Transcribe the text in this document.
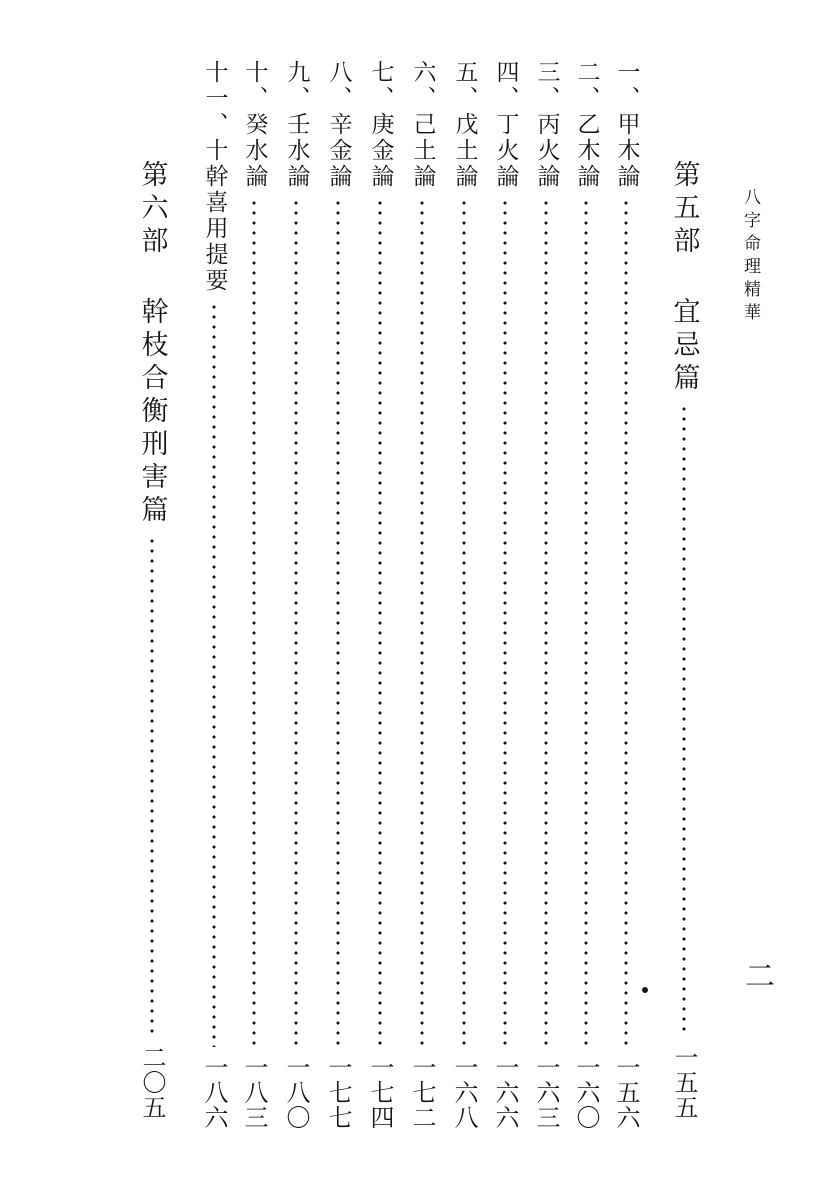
八字命理精華
二
第五部
宜忌篇
一五五
一、甲木論
一五六
二、乙木論
一六〇
三、丙火論
一六三
四、丁火論
一六六
五、戊土論
一六八
六、己土論
一七二
七、庚金論
一七四
八、辛金論
一七七
九、壬水論
一八〇
十、癸水論
一八三
十一、十幹喜用提要
一八六
第六部
幹枝合衡刑害篇
二〇五
